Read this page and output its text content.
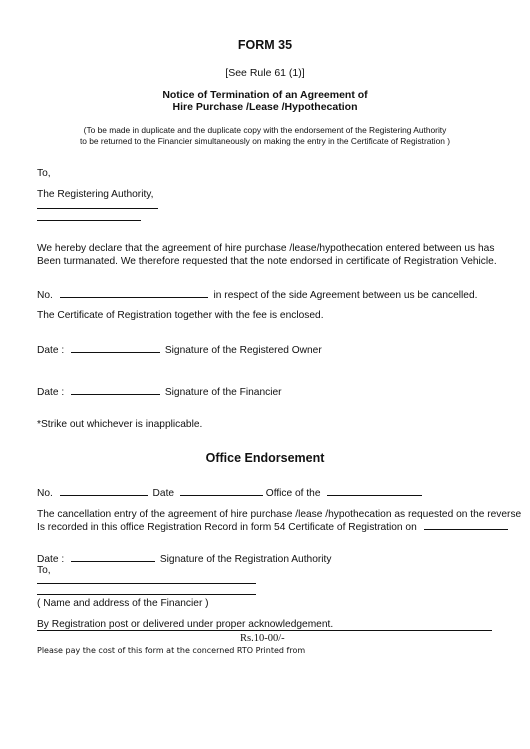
FORM 35
[See Rule 61 (1)]
Notice of Termination of an Agreement of
Hire Purchase /Lease /Hypothecation
(To be made in duplicate and the duplicate copy with the endorsement of the Registering Authority
to be returned to the Financier simultaneously on making the entry in the Certificate of Registration )
To,
The Registering Authority,
We hereby declare that the agreement of hire purchase /lease/hypothecation entered between us has
Been turmanated. We therefore requested that the note endorsed in certificate of Registration Vehicle.
No.	in respect of the side Agreement between us be cancelled.
The Certificate of Registration together with the fee is enclosed.
Date :	Signature of the Registered Owner
Date :	Signature of the Financier
*Strike out whichever is inapplicable.
Office Endorsement
No.	Date	Office of the
The cancellation entry of the agreement of hire purchase /lease /hypothecation as requested on the reverse
Is recorded in this office Registration Record in form 54 Certificate of Registration on
Date :	Signature of the Registration Authority
To,
( Name and address of the Financier )
By Registration post or delivered under proper acknowledgement.
Rs.10-00/-
Please pay the cost of this form at the concerned RTO Printed from
